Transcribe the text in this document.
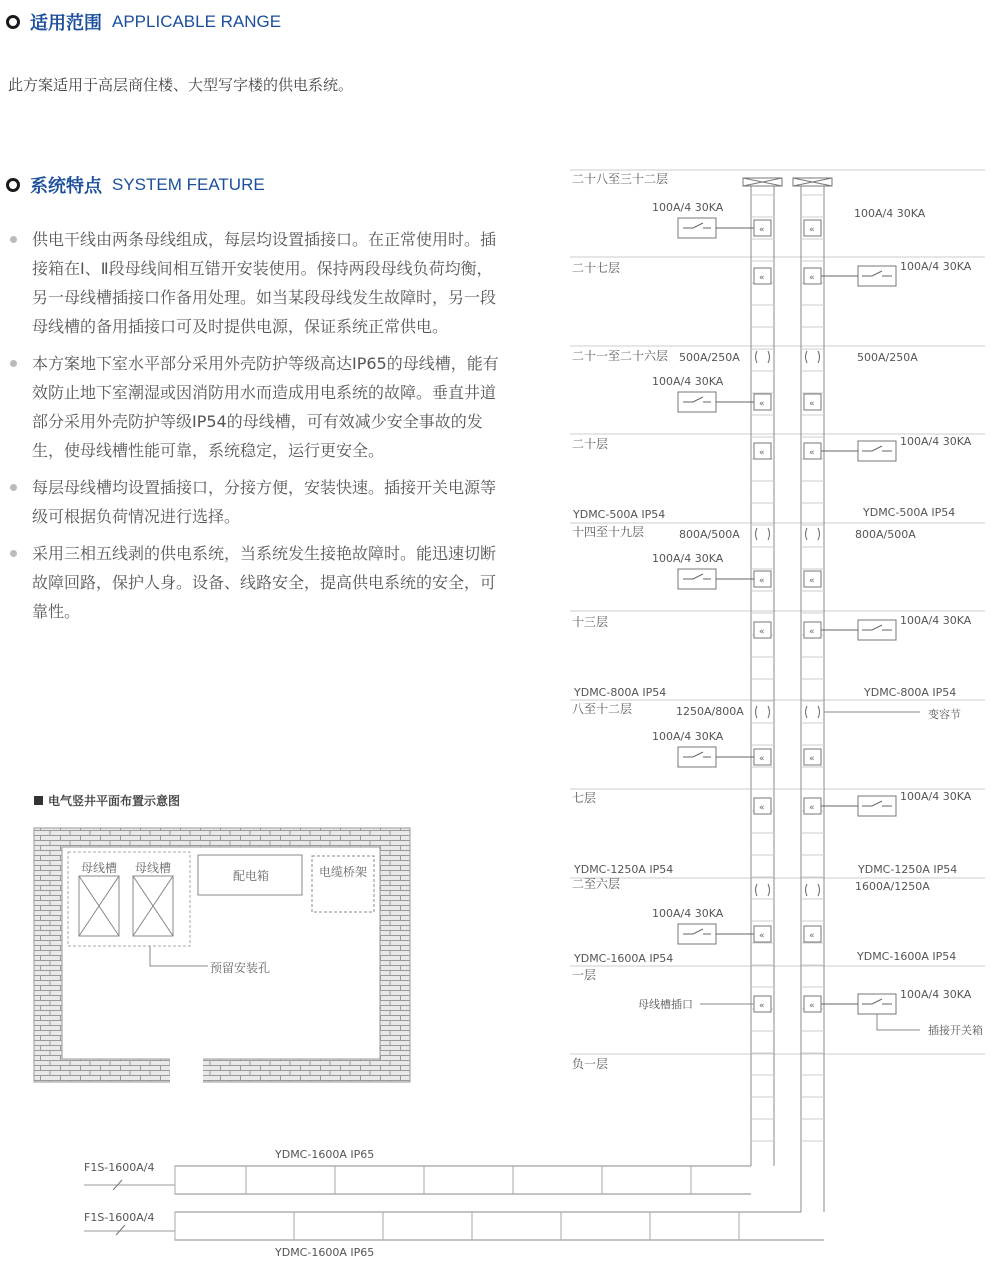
适用范围 APPLICABLE RANGE
此方案适用于高层商住楼、大型写字楼的供电系统。
系统特点 SYSTEM FEATURE
供电干线由两条母线组成，每层均设置插接口。在正常使用时。插接箱在I、Ⅱ段母线间相互错开安装使用。保持两段母线负荷均衡，另一母线槽插接口作备用处理。如当某段母线发生故障时，另一段母线槽的备用插接口可及时提供电源，保证系统正常供电。
本方案地下室水平部分采用外壳防护等级高达IP65的母线槽，能有效防止地下室潮湿或因消防用水而造成用电系统的故障。垂直井道部分采用外壳防护等级IP54的母线槽，可有效减少安全事故的发生，使母线槽性能可靠，系统稳定，运行更安全。
每层母线槽均设置插接口，分接方便，安装快速。插接开关电源等级可根据负荷情况进行选择。
采用三相五线剥的供电系统，当系统发生接艳故障时。能迅速切断故障回路，保护人身。设备、线路安全，提高供电系统的安全，可靠性。
电气竖井平面布置示意图
母线槽 母线槽
配电箱	电缆桥架
预留安装孔
二十八至三十二层
二十七层
二十一至二十六层
二十层
十四至十九层
十三层
八至十二层
七层
二至六层
一层
负一层
F1S-1600A/4
F1S-1600A/4
YDMC-1600A IP65
YDMC-1600A IP65
«	«
«	«
«	«
«	«
«	«
«	«
«	«
«	«
«	«
«	«
100A/4 30KA
100A/4 30KA
100A/4 30KA
100A/4 30KA
100A/4 30KA
100A/4 30KA
100A/4 30KA
100A/4 30KA
100A/4 30KA
100A/4 30KA
100A/4 30KA
500A/250A	500A/250A
800A/500A	800A/500A
1250A/800A
1600A/1250A
YDMC-500A IP54	YDMC-500A IP54
YDMC-800A IP54	YDMC-800A IP54
YDMC-1250A IP54	YDMC-1250A IP54
YDMC-1600A IP54	YDMC-1600A IP54
变容节
母线槽插口
插接开关箱
